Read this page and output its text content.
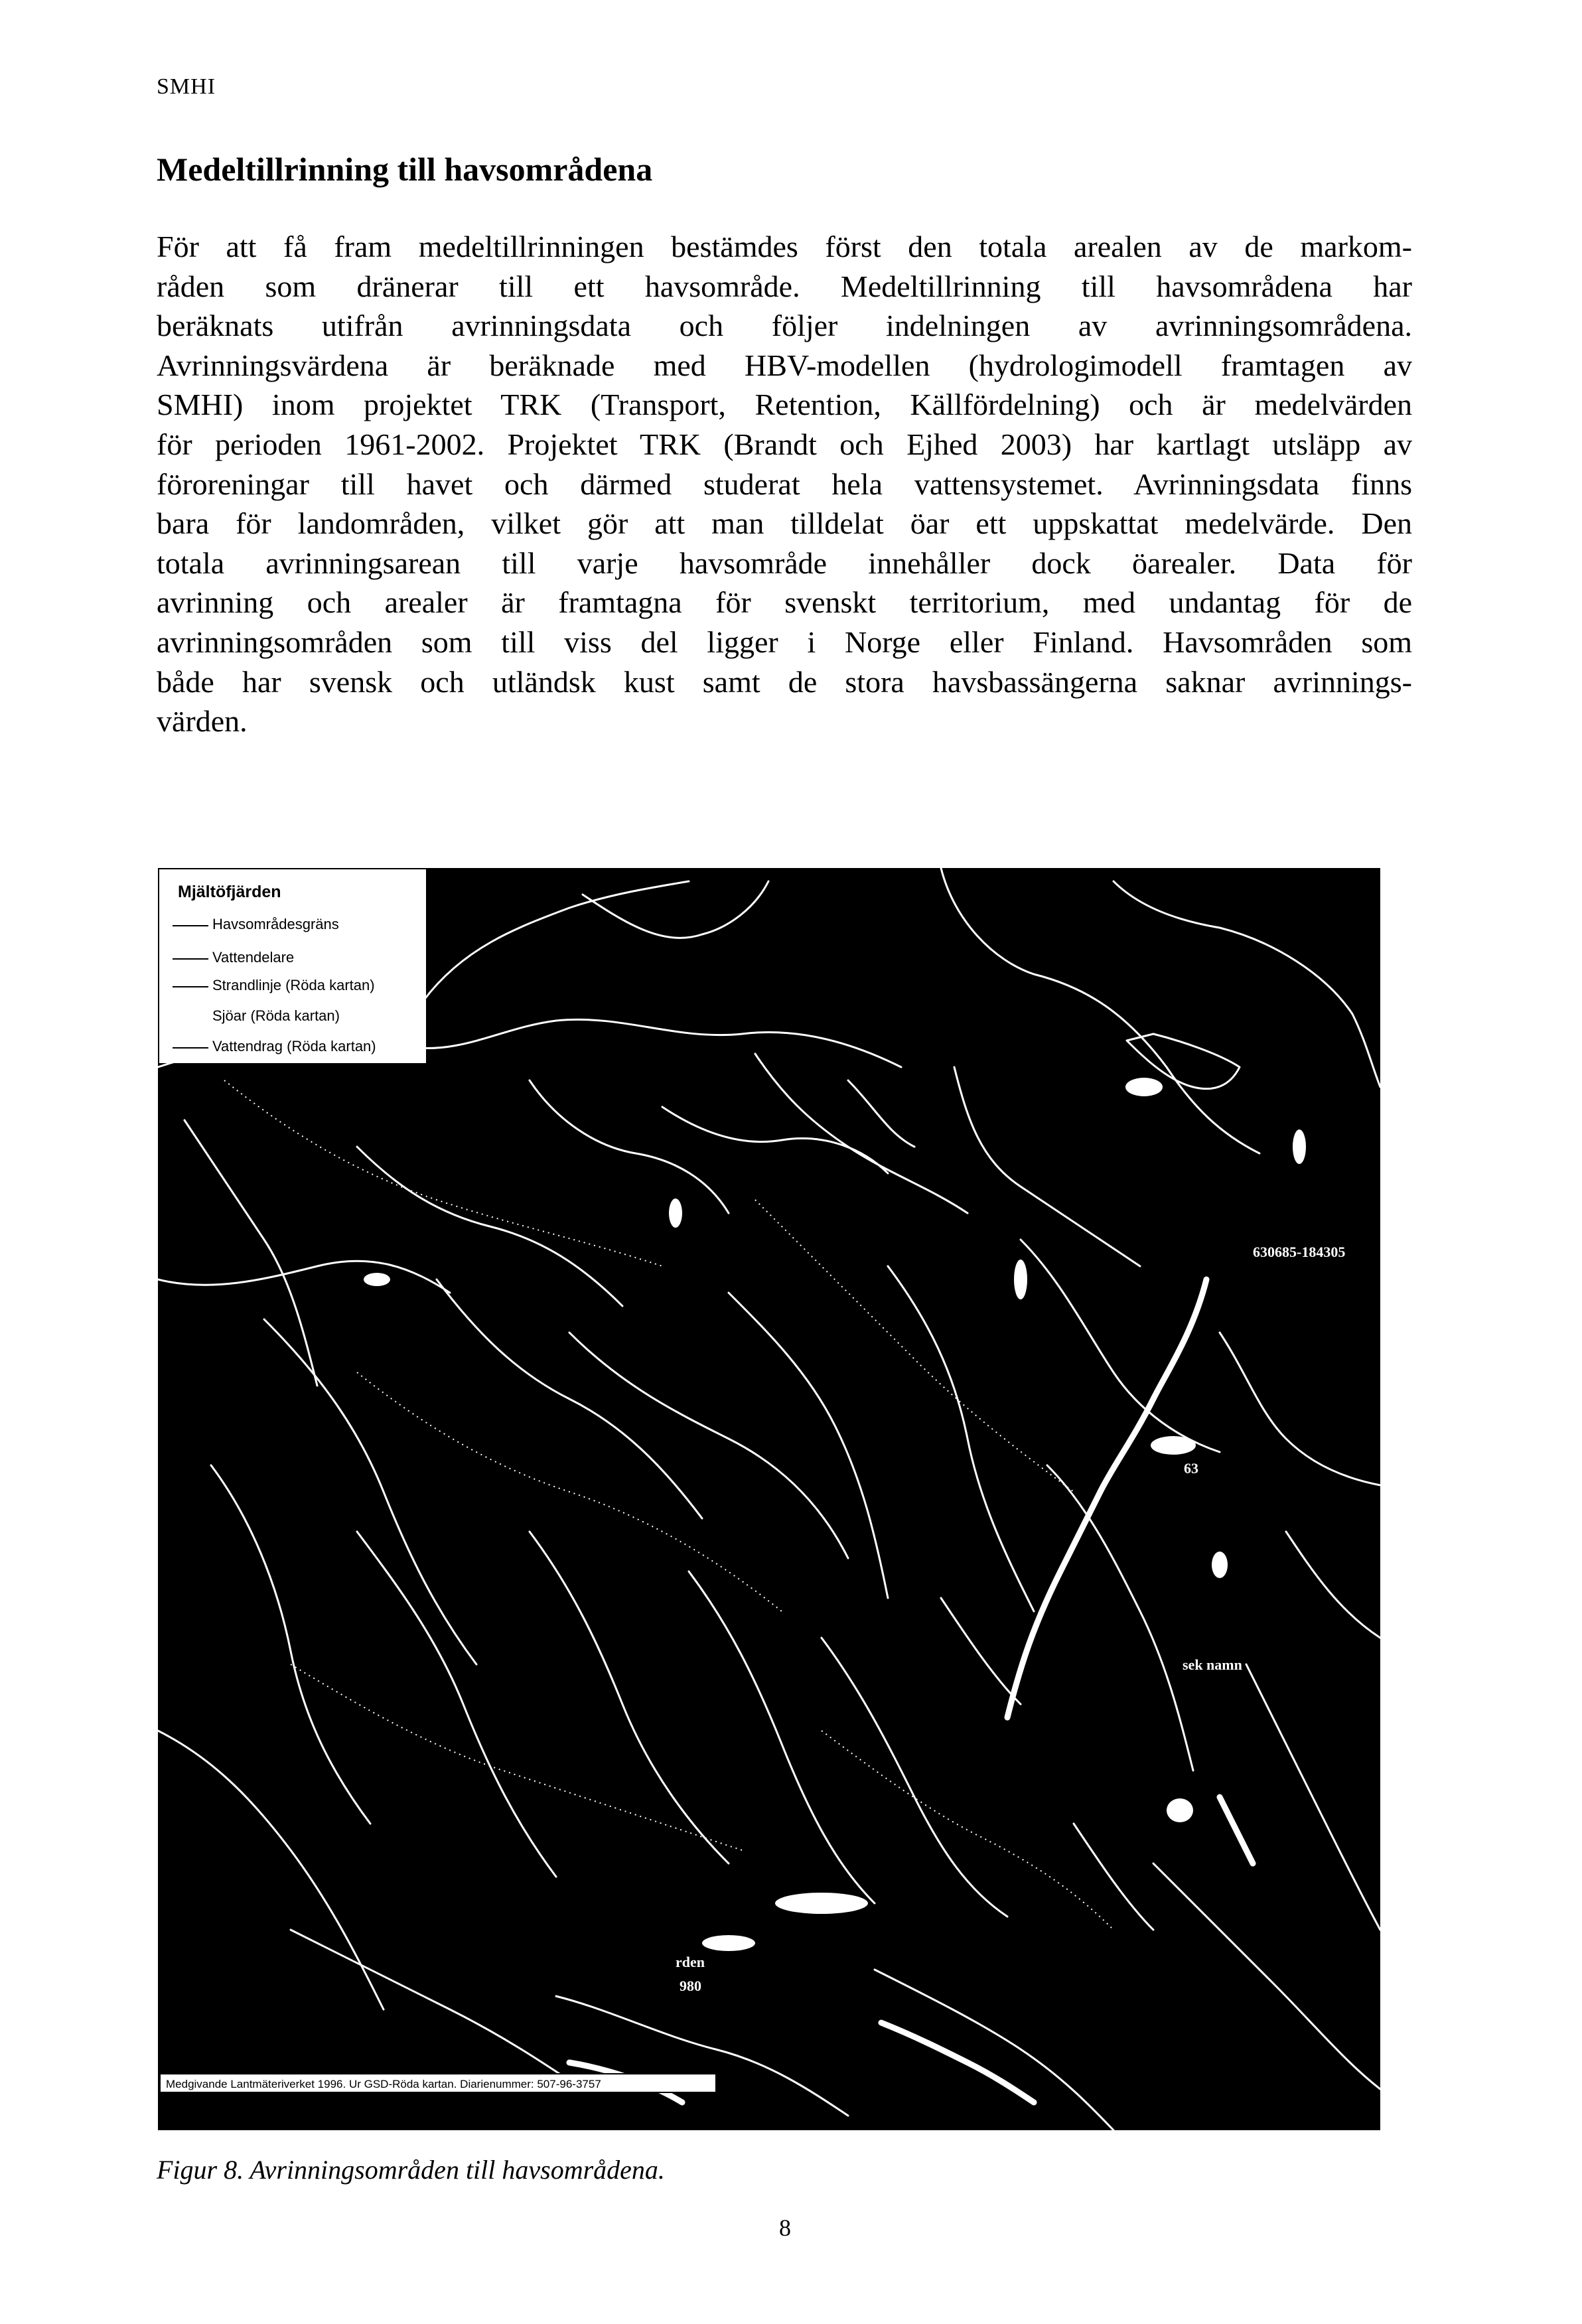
SMHI
Medeltillrinning till havsområdena
För att få fram medeltillrinningen bestämdes först den totala arealen av de markom-
råden som dränerar till ett havsområde. Medeltillrinning till havsområdena har
beräknats utifrån avrinningsdata och följer indelningen av avrinningsområdena.
Avrinningsvärdena är beräknade med HBV-modellen (hydrologimodell framtagen av
SMHI) inom projektet TRK (Transport, Retention, Källfördelning) och är medelvärden
för perioden 1961-2002. Projektet TRK (Brandt och Ejhed 2003) har kartlagt utsläpp av
föroreningar till havet och därmed studerat hela vattensystemet. Avrinningsdata finns
bara för landområden, vilket gör att man tilldelat öar ett uppskattat medelvärde. Den
totala avrinningsarean till varje havsområde innehåller dock öarealer. Data för
avrinning och arealer är framtagna för svenskt territorium, med undantag för de
avrinningsområden som till viss del ligger i Norge eller Finland. Havsområden som
både har svensk och utländsk kust samt de stora havsbassängerna saknar avrinnings-
värden.
Mjältöfjärden
Havsområdesgräns
Vattendelare
Strandlinje (Röda kartan)
Sjöar (Röda kartan)
Vattendrag (Röda kartan)
630685-184305
63
sek namn
rden
980
Medgivande Lantmäteriverket 1996. Ur GSD-Röda kartan. Diarienummer: 507-96-3757
Figur 8. Avrinningsområden till havsområdena.
8
